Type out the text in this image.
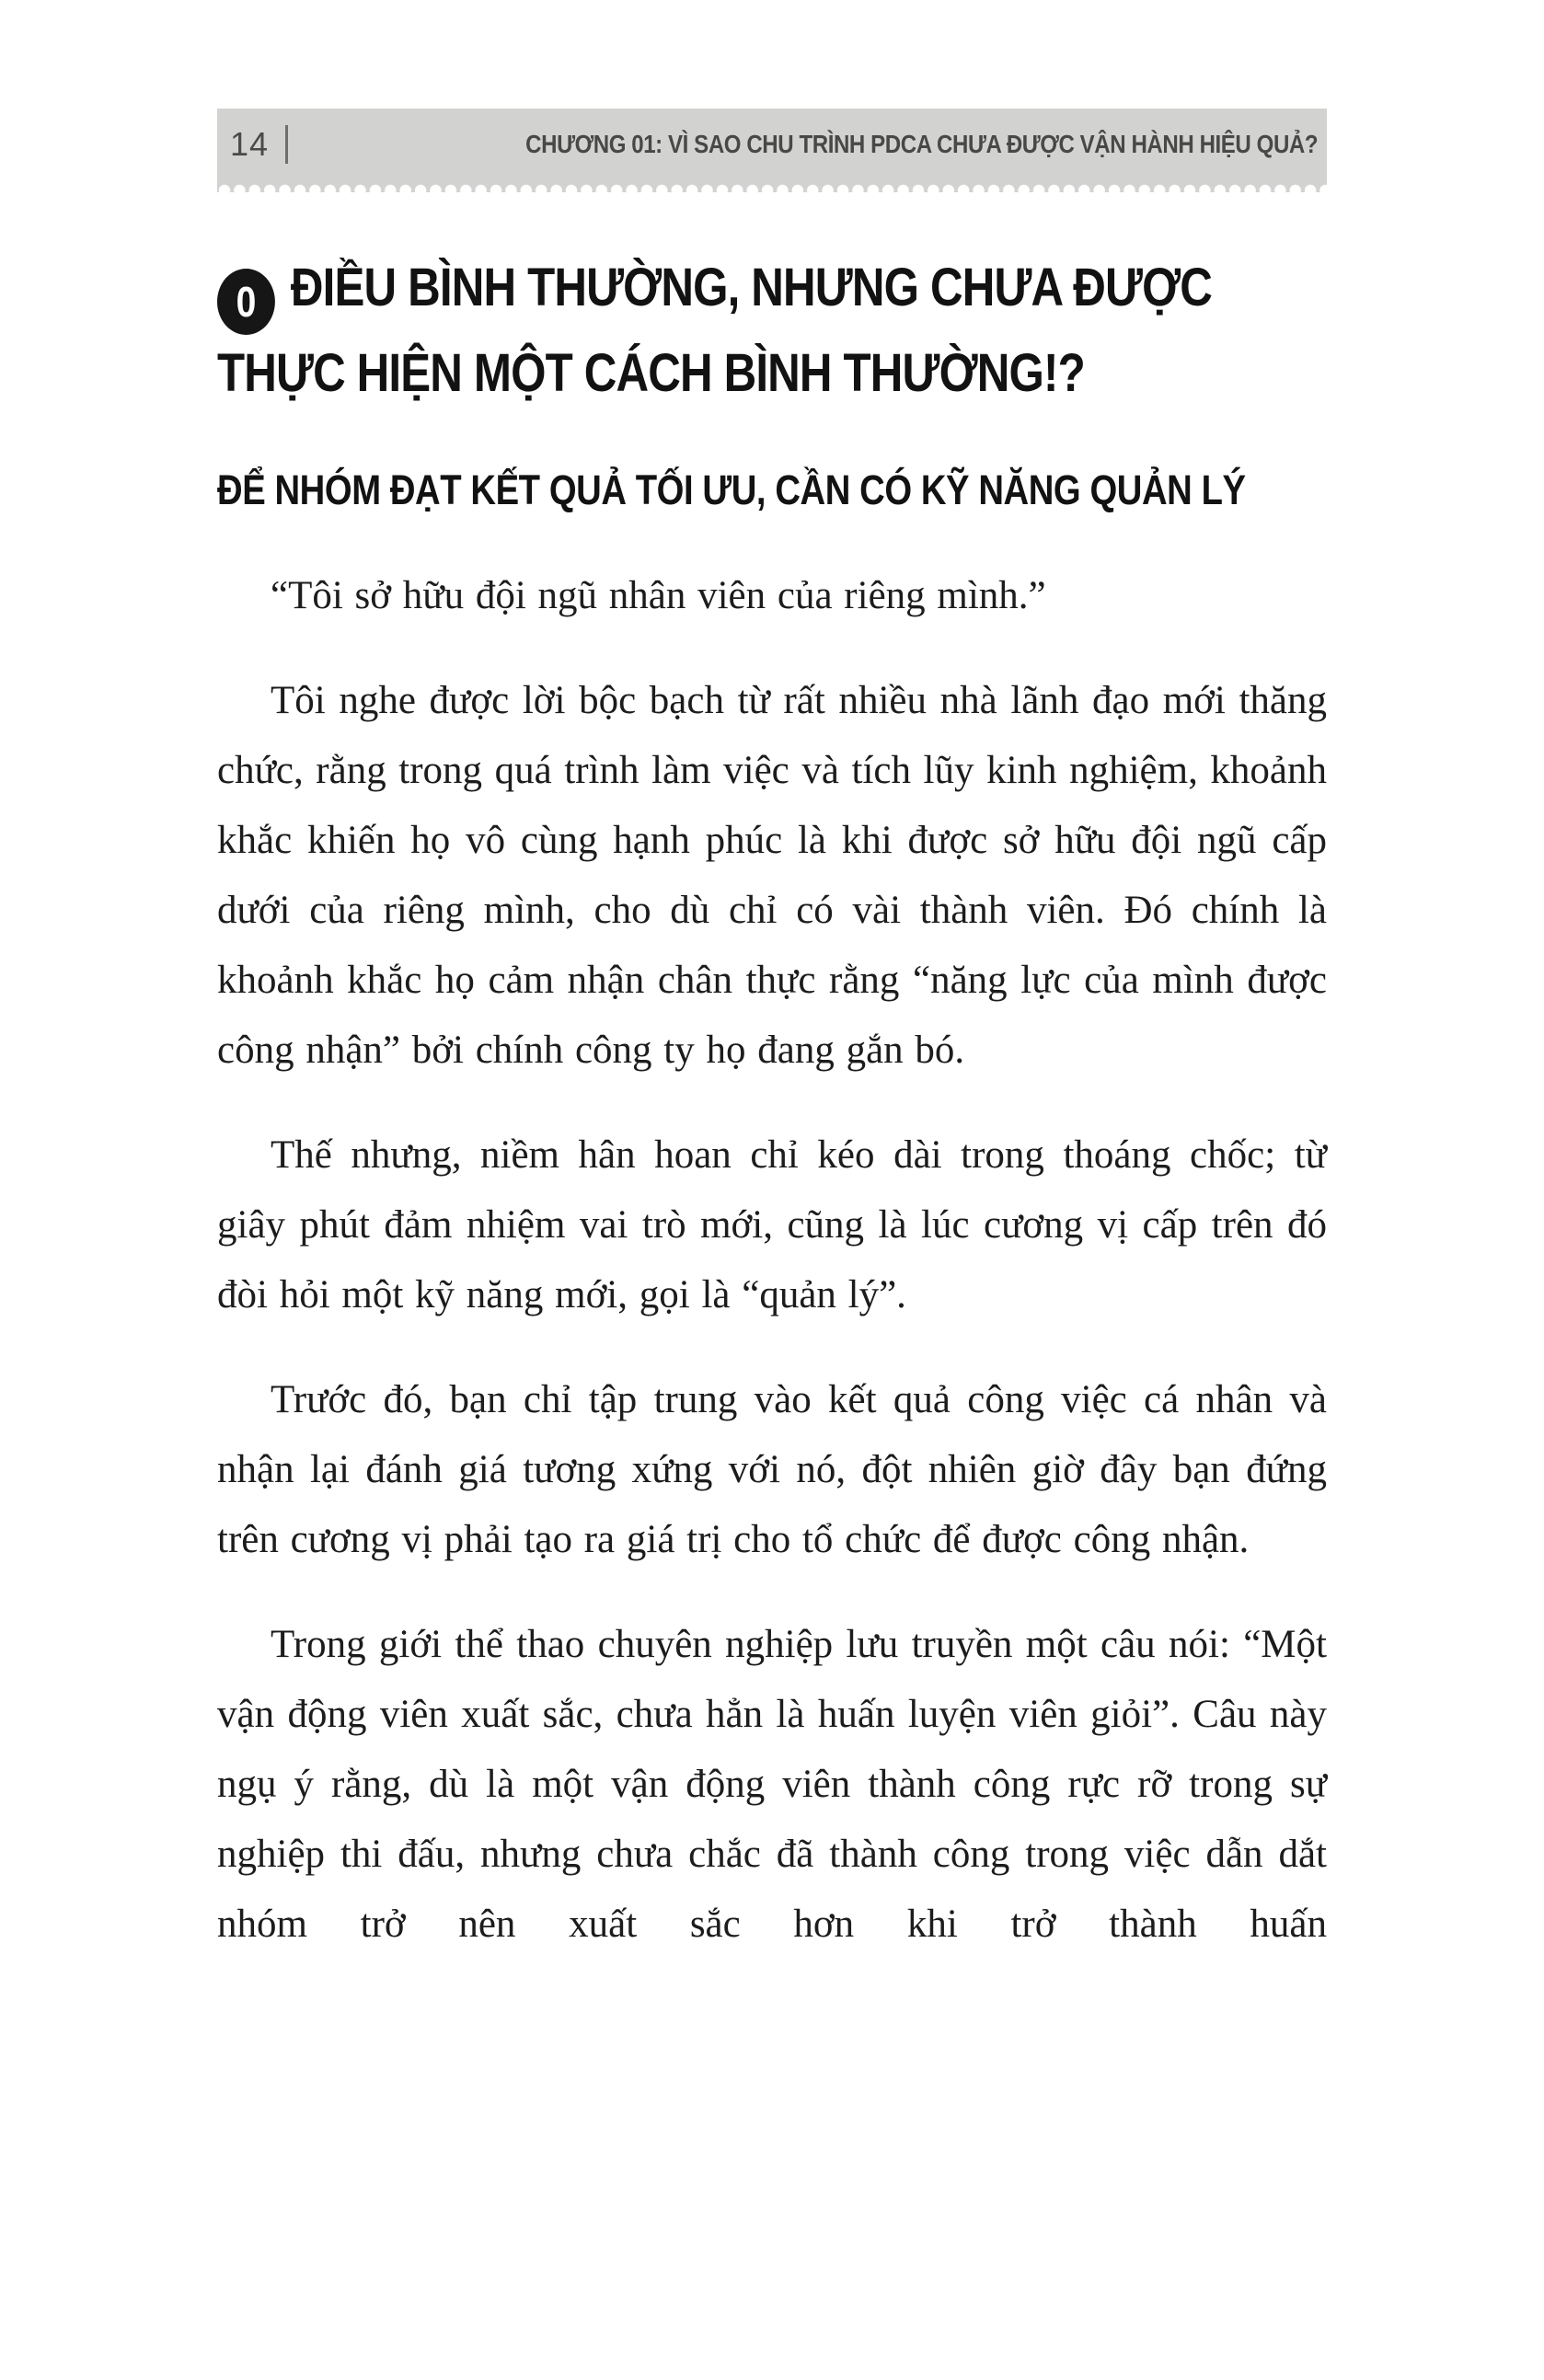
14	CHƯƠNG 01: VÌ SAO CHU TRÌNH PDCA CHƯA ĐƯỢC VẬN HÀNH HIỆU QUẢ?
0 ĐIỀU BÌNH THƯỜNG, NHƯNG CHƯA ĐƯỢC THỰC HIỆN MỘT CÁCH BÌNH THƯỜNG!?
ĐỂ NHÓM ĐẠT KẾT QUẢ TỐI ƯU, CẦN CÓ KỸ NĂNG QUẢN LÝ

“Tôi sở hữu đội ngũ nhân viên của riêng mình.”

Tôi nghe được lời bộc bạch từ rất nhiều nhà lãnh đạo mới thăng chức, rằng trong quá trình làm việc và tích lũy kinh nghiệm, khoảnh khắc khiến họ vô cùng hạnh phúc là khi được sở hữu đội ngũ cấp dưới của riêng mình, cho dù chỉ có vài thành viên. Đó chính là khoảnh khắc họ cảm nhận chân thực rằng “năng lực của mình được công nhận” bởi chính công ty họ đang gắn bó.

Thế nhưng, niềm hân hoan chỉ kéo dài trong thoáng chốc; từ giây phút đảm nhiệm vai trò mới, cũng là lúc cương vị cấp trên đó đòi hỏi một kỹ năng mới, gọi là “quản lý”.

Trước đó, bạn chỉ tập trung vào kết quả công việc cá nhân và nhận lại đánh giá tương xứng với nó, đột nhiên giờ đây bạn đứng trên cương vị phải tạo ra giá trị cho tổ chức để được công nhận.

Trong giới thể thao chuyên nghiệp lưu truyền một câu nói: “Một vận động viên xuất sắc, chưa hẳn là huấn luyện viên giỏi”. Câu này ngụ ý rằng, dù là một vận động viên thành công rực rỡ trong sự nghiệp thi đấu, nhưng chưa chắc đã thành công trong việc dẫn dắt nhóm trở nên xuất sắc hơn khi trở thành huấn
